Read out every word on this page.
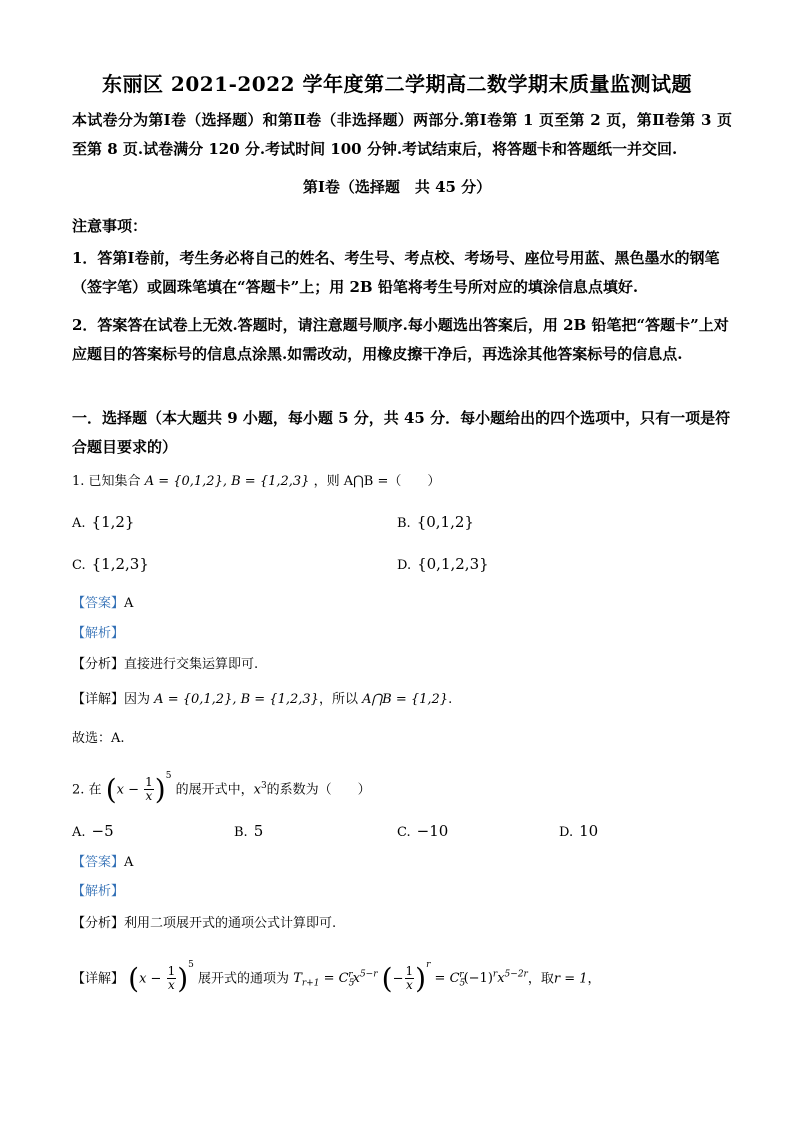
东丽区 2021-2022 学年度第二学期高二数学期末质量监测试题
本试卷分为第Ⅰ卷（选择题）和第Ⅱ卷（非选择题）两部分.第Ⅰ卷第 1 页至第 2 页，第Ⅱ卷第 3 页至第 8 页.试卷满分 120 分.考试时间 100 分钟.考试结束后，将答题卡和答题纸一并交回.
第Ⅰ卷（选择题　共 45 分）
注意事项：
1．答第Ⅰ卷前，考生务必将自己的姓名、考生号、考点校、考场号、座位号用蓝、黑色墨水的钢笔（签字笔）或圆珠笔填在“答题卡”上；用 2B 铅笔将考生号所对应的填涂信息点填好.
2．答案答在试卷上无效.答题时，请注意题号顺序.每小题选出答案后，用 2B 铅笔把“答题卡”上对应题目的答案标号的信息点涂黑.如需改动，用橡皮擦干净后，再选涂其他答案标号的信息点.
一．选择题（本大题共 9 小题，每小题 5 分，共 45 分．每小题给出的四个选项中，只有一项是符合题目要求的）
1. 已知集合 A = {0,1,2}, B = {1,2,3} ，则 A⋂B =（　　）
A. {1,2}	B. {0,1,2}
C. {1,2,3}	D. {0,1,2,3}
【答案】A
【解析】
【分析】直接进行交集运算即可.
【详解】因为 A = {0,1,2}, B = {1,2,3}，所以 A⋂B = {1,2}.
故选：A.
2. 在 $(x - \frac{1}{x} )^5$ 的展开式中，$x^3$的系数为（　　）
A. −5	B. 5	C. −10	D. 10
【答案】A
【解析】
【分析】利用二项展开式的通项公式计算即可.
【详解】 $(x - \frac{1}{x} )^5$ 展开式的通项为 $T_{r+1} = C_5^rx^{5-r}$ (− $\frac{1}{x} )^r = C_5^r(-1)^rx^{5-2r}$，取r = 1，
